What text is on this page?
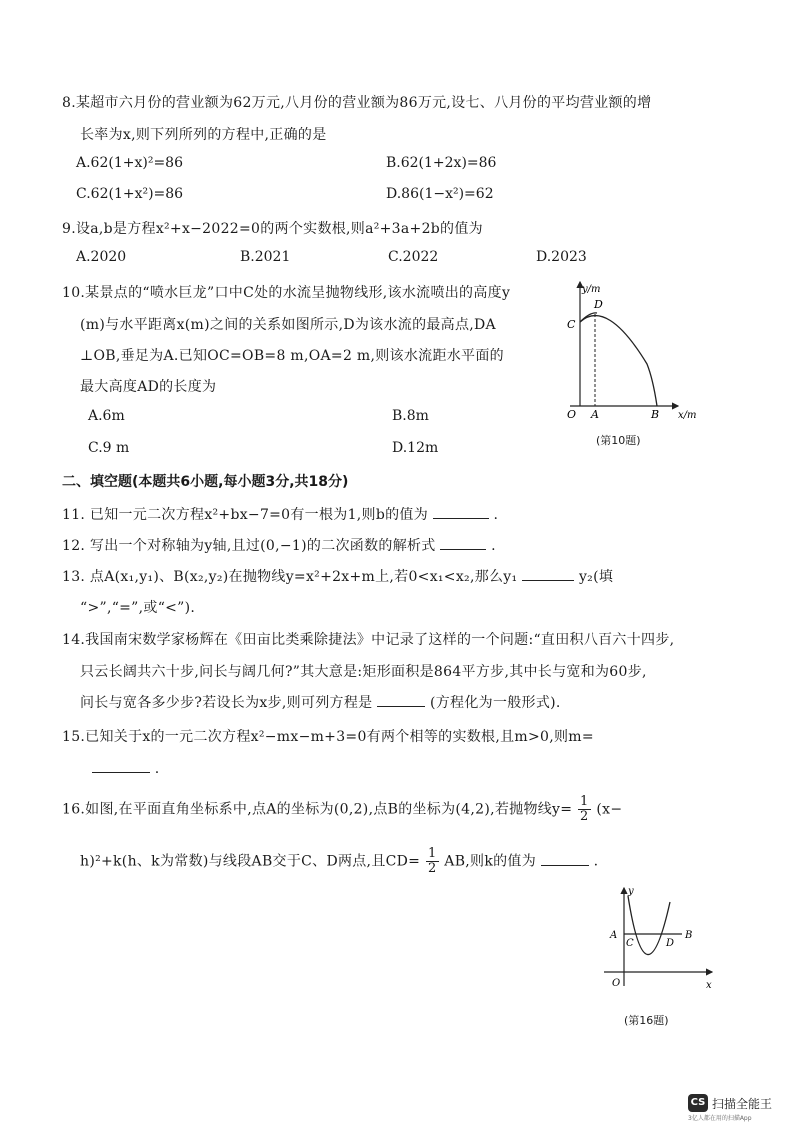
8.某超市六月份的营业额为62万元,八月份的营业额为86万元,设七、八月份的平均营业额的增
长率为x,则下列所列的方程中,正确的是
A.62(1+x)²=86	B.62(1+2x)=86
C.62(1+x²)=86	D.86(1−x²)=62
9.设a,b是方程x²+x−2022=0的两个实数根,则a²+3a+2b的值为
A.2020	B.2021	C.2022	D.2023
10.某景点的“喷水巨龙”口中C处的水流呈抛物线形,该水流喷出的高度y
(m)与水平距离x(m)之间的关系如图所示,D为该水流的最高点,DA
⊥OB,垂足为A.已知OC=OB=8 m,OA=2 m,则该水流距水平面的
最大高度AD的长度为
A.6m	B.8m
C.9 m	D.12m
y/m
D
C
O A	B x/m
(第10题)
二、填空题(本题共6小题,每小题3分,共18分)
11. 已知一元二次方程x²+bx−7=0有一根为1,则b的值为	.
12. 写出一个对称轴为y轴,且过(0,−1)的二次函数的解析式	.
13. 点A(x₁,y₁)、B(x₂,y₂)在抛物线y=x²+2x+m上,若0<x₁<x₂,那么y₁	y₂(填
“>”,“=”,或“<”).
14.我国南宋数学家杨辉在《田亩比类乘除捷法》中记录了这样的一个问题:“直田积八百六十四步,
只云长阔共六十步,问长与阔几何?”其大意是:矩形面积是864平方步,其中长与宽和为60步,
问长与宽各多少步?若设长为x步,则可列方程是	(方程化为一般形式).
15.已知关于x的一元二次方程x²−mx−m+3=0有两个相等的实数根,且m>0,则m=
.
16.如图,在平面直角坐标系中,点A的坐标为(0,2),点B的坐标为(4,2),若抛物线$y= \frac{1}{2} (x-$
h)²+k(h、k为常数)与线段AB交于C、D两点,且$CD= \frac{1}{2}$ AB,则k的值为	.
y
A
C	D
B
O	x
(第16题)
CS 扫描全能王
3亿人都在用的扫描App
